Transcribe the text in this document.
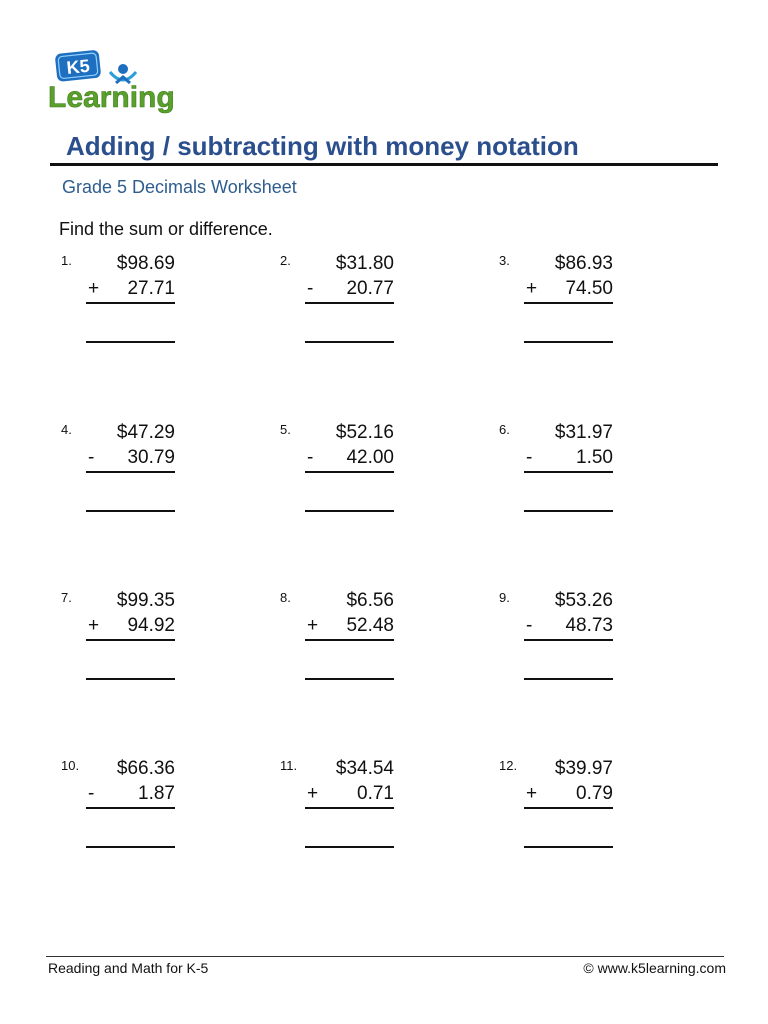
K5
Learning
Adding / subtracting with money notation
Grade 5 Decimals Worksheet
Find the sum or difference.
1. $98.69
+ 27.71
2. $31.80
- 20.77
3. $86.93
+ 74.50
4. $47.29
- 30.79
5. $52.16
- 42.00
6. $31.97
- 1.50
7. $99.35
+ 94.92
8.	$6.56
+ 52.48
9. $53.26
- 48.73
10. $66.36
- 1.87
11. $34.54
+ 0.71
12. $39.97
+ 0.79
Reading and Math for K-5	© www.k5learning.com
